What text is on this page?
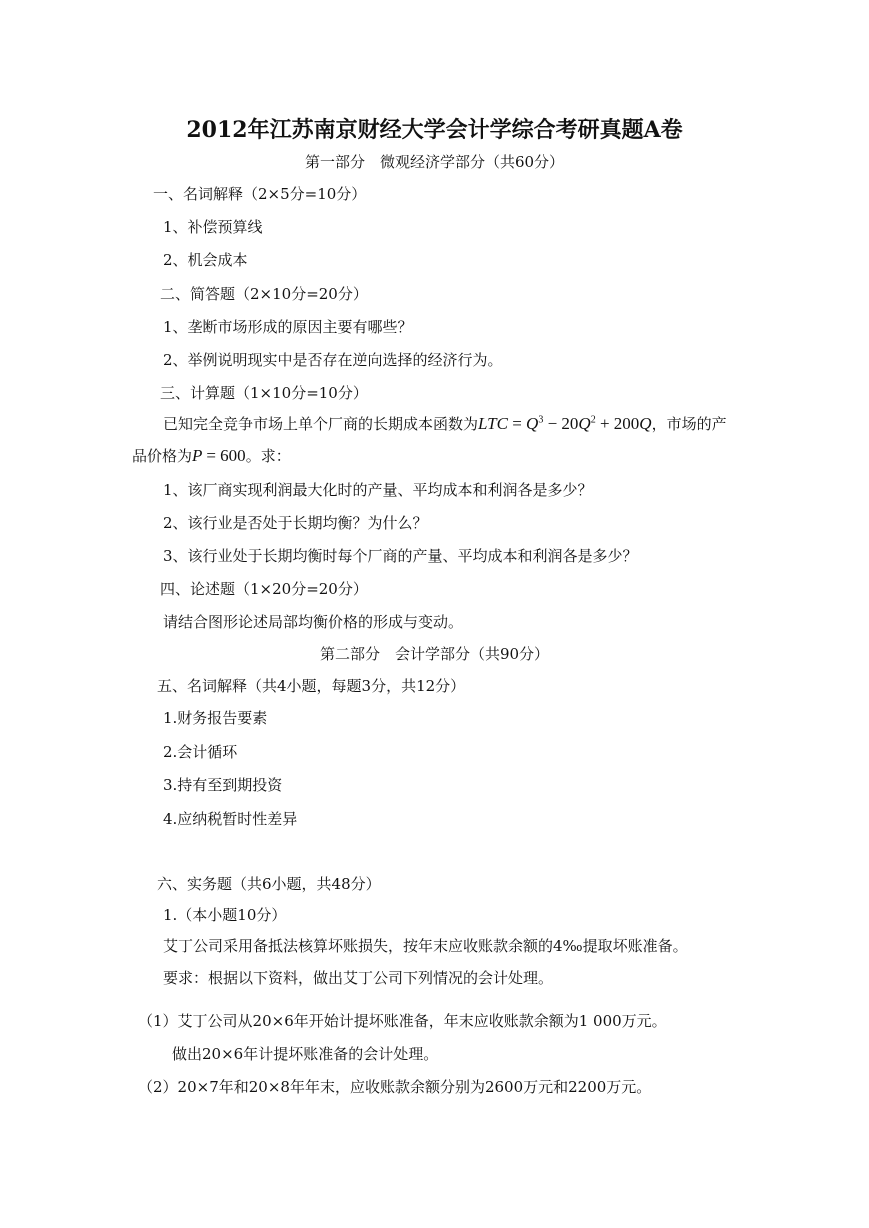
2012年江苏南京财经大学会计学综合考研真题A卷
第一部分　微观经济学部分（共60分）
一、名词解释（2×5分=10分）
1、补偿预算线
2、机会成本
二、简答题（2×10分=20分）
1、垄断市场形成的原因主要有哪些？
2、举例说明现实中是否存在逆向选择的经济行为。
三、计算题（1×10分=10分）
已知完全竞争市场上单个厂商的长期成本函数为LTC = $Q^3 - 20Q^2 + 200Q$，市场的产
品价格为P = 600。求：
1、该厂商实现利润最大化时的产量、平均成本和利润各是多少？
2、该行业是否处于长期均衡？为什么？
3、该行业处于长期均衡时每个厂商的产量、平均成本和利润各是多少？
四、论述题（1×20分=20分）
请结合图形论述局部均衡价格的形成与变动。
第二部分　会计学部分（共90分）
五、名词解释（共4小题，每题3分，共12分）
1.财务报告要素
2.会计循环
3.持有至到期投资
4.应纳税暂时性差异
六、实务题（共6小题，共48分）
1.（本小题10分）
艾丁公司采用备抵法核算坏账损失，按年末应收账款余额的4‰提取坏账准备。
要求：根据以下资料，做出艾丁公司下列情况的会计处理。
（1）艾丁公司从20×6年开始计提坏账准备，年末应收账款余额为1 000万元。
做出20×6年计提坏账准备的会计处理。
（2）20×7年和20×8年年末，应收账款余额分别为2600万元和2200万元。
